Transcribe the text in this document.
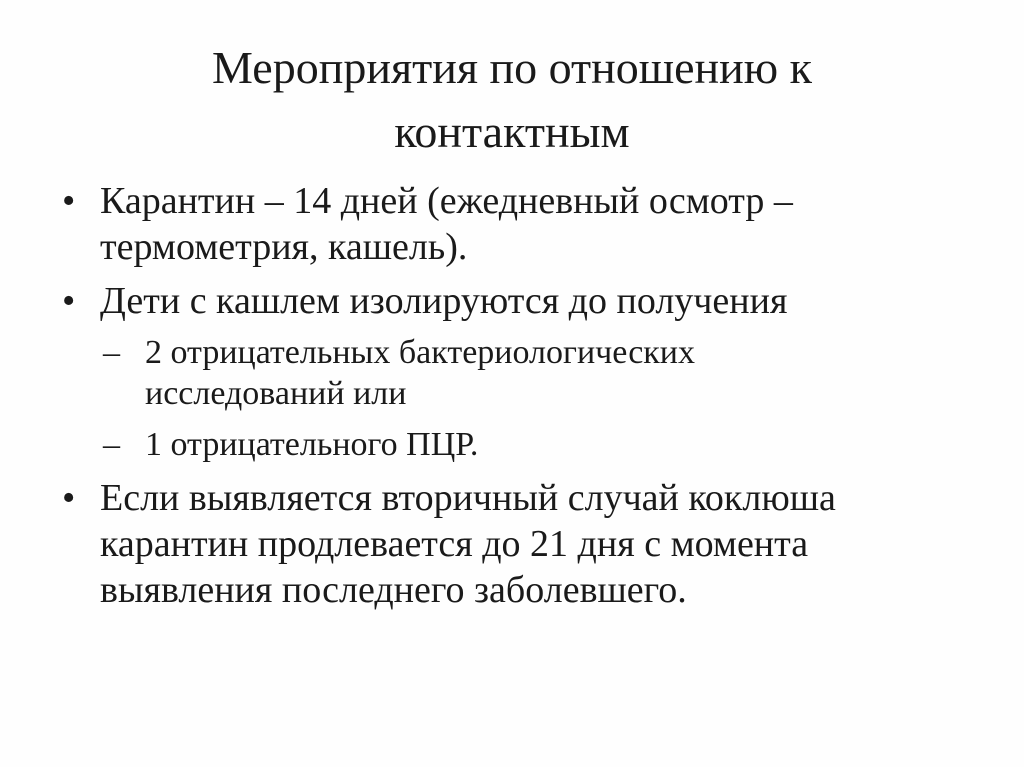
Мероприятия по отношению к
контактным
• Карантин – 14 дней (ежедневный осмотр –
термометрия, кашель).
• Дети с кашлем изолируются до получения
– 2 отрицательных бактериологических
исследований или
– 1 отрицательного ПЦР.
• Если выявляется вторичный случай коклюша
карантин продлевается до 21 дня с момента
выявления последнего заболевшего.
